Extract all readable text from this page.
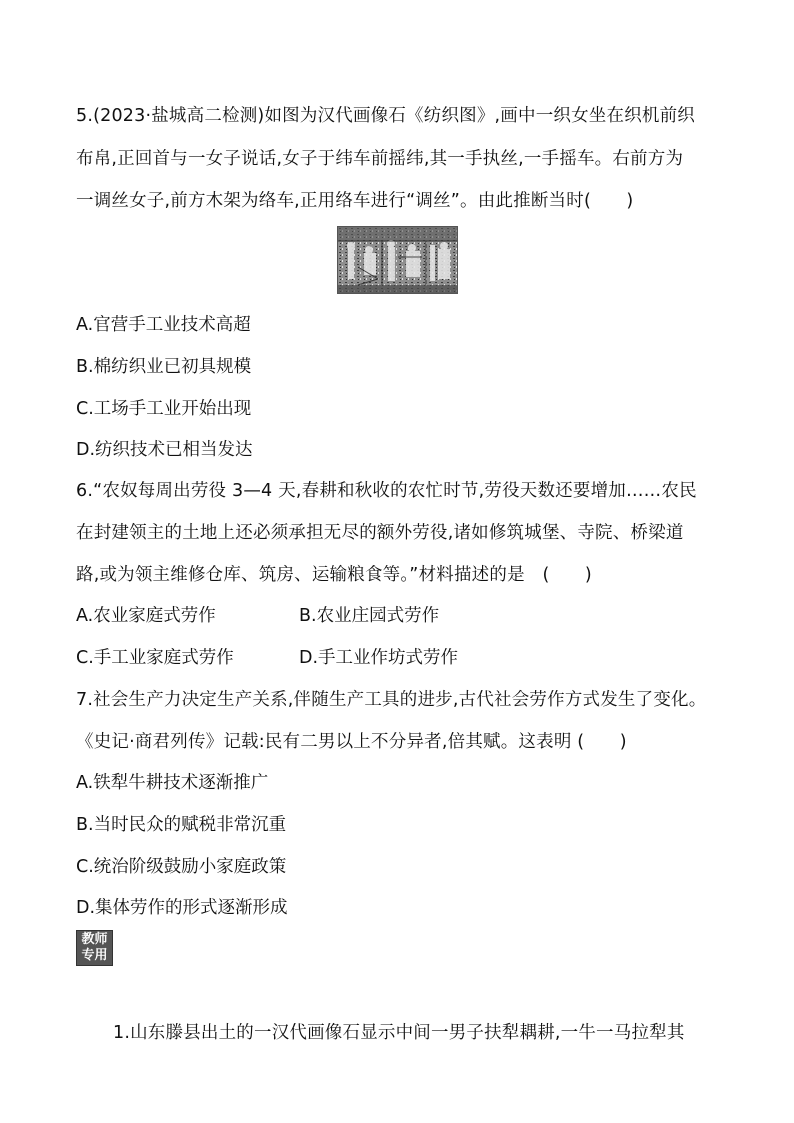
5.(2023·盐城高二检测)如图为汉代画像石《纺织图》,画中一织女坐在织机前织
布帛,正回首与一女子说话,女子于纬车前摇纬,其一手执丝,一手摇车。右前方为
一调丝女子,前方木架为络车,正用络车进行“调丝”。由此推断当时(　　)
A.官营手工业技术高超
B.棉纺织业已初具规模
C.工场手工业开始出现
D.纺织技术已相当发达
6.“农奴每周出劳役 3—4 天,春耕和秋收的农忙时节,劳役天数还要增加……农民
在封建领主的土地上还必须承担无尽的额外劳役,诸如修筑城堡、寺院、桥梁道
路,或为领主维修仓库、筑房、运输粮食等。”材料描述的是　(　　)
A.农业家庭式劳作	B.农业庄园式劳作
C.手工业家庭式劳作	D.手工业作坊式劳作
7.社会生产力决定生产关系,伴随生产工具的进步,古代社会劳作方式发生了变化。
《史记·商君列传》记载:民有二男以上不分异者,倍其赋。这表明 (　　)
A.铁犁牛耕技术逐渐推广
B.当时民众的赋税非常沉重
C.统治阶级鼓励小家庭政策
D.集体劳作的形式逐渐形成
教师
专用
1.山东滕县出土的一汉代画像石显示中间一男子扶犁耦耕,一牛一马拉犁其
